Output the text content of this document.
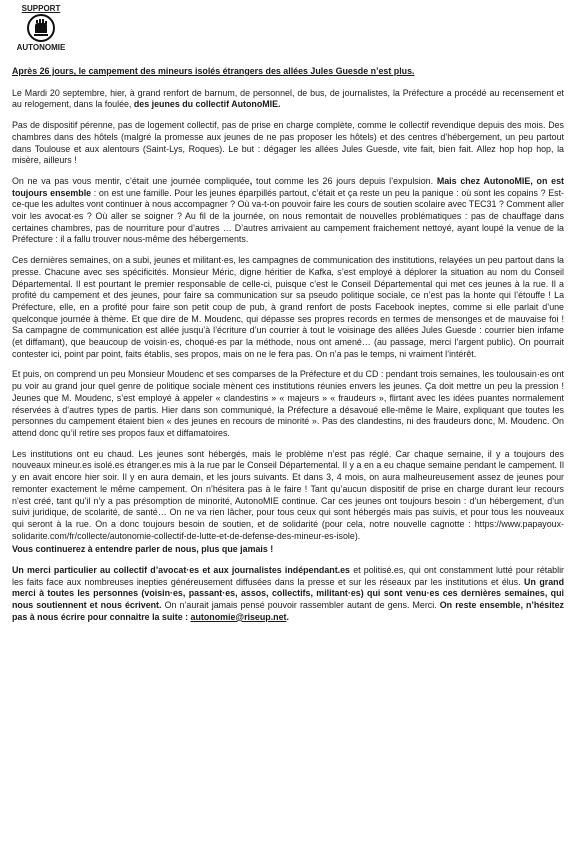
SUPPORT
AUTONOMIE

Après 26 jours, le campement des mineurs isolés étrangers des allées Jules Guesde n’est plus.

Le Mardi 20 septembre, hier, à grand renfort de barnum, de personnel, de bus, de journalistes, la Préfecture a procédé au recensement et au relogement, dans la foulée, des jeunes du collectif AutonoMIE.

Pas de dispositif pérenne, pas de logement collectif, pas de prise en charge complète, comme le collectif revendique depuis des mois. Des chambres dans des hôtels (malgré la promesse aux jeunes de ne pas proposer les hôtels) et des centres d’hébergement, un peu partout dans Toulouse et aux alentours (Saint-Lys, Roques). Le but : dégager les allées Jules Guesde, vite fait, bien fait. Allez hop hop hop, la misère, ailleurs !

On ne va pas vous mentir, c’était une journée compliquée, tout comme les 26 jours depuis l’expulsion. Mais chez AutonoMIE, on est toujours ensemble : on est une famille. Pour les jeunes éparpillés partout, c’était et ça reste un peu la panique : où sont les copains ? Est-ce-que les adultes vont continuer à nous accompagner ? Où va-t-on pouvoir faire les cours de soutien scolaire avec TEC31 ? Comment aller voir les avocat·es ? Où aller se soigner ? Au fil de la journée, on nous remontait de nouvelles problématiques : pas de chauffage dans certaines chambres, pas de nourriture pour d’autres … D’autres arrivaient au campement fraichement nettoyé, ayant loupé la venue de la Préfecture : il a fallu trouver nous-même des hébergements.

Ces dernières semaines, on a subi, jeunes et militant·es, les campagnes de communication des institutions, relayées un peu partout dans la presse. Chacune avec ses spécificités. Monsieur Méric, digne héritier de Kafka, s’est employé à déplorer la situation au nom du Conseil Départemental. Il est pourtant le premier responsable de celle-ci, puisque c’est le Conseil Départemental qui met ces jeunes à la rue. Il a profité du campement et des jeunes, pour faire sa communication sur sa pseudo politique sociale, ce n’est pas la honte qui l’étouffe ! La Préfecture, elle, en a profité pour faire son petit coup de pub, à grand renfort de posts Facebook ineptes, comme si elle parlait d’une quelconque journée à thème. Et que dire de M. Moudenc, qui dépasse ses propres records en termes de mensonges et de mauvaise foi ! Sa campagne de communication est allée jusqu’à l’écriture d’un courrier à tout le voisinage des allées Jules Guesde : courrier bien infame (et diffamant), que beaucoup de voisin·es, choqué·es par la méthode, nous ont amené… (au passage, merci l’argent public). On pourrait contester ici, point par point, faits établis, ses propos, mais on ne le fera pas. On n’a pas le temps, ni vraiment l’intérêt.

Et puis, on comprend un peu Monsieur Moudenc et ses comparses de la Préfecture et du CD : pendant trois semaines, les toulousain·es ont pu voir au grand jour quel genre de politique sociale mènent ces institutions réunies envers les jeunes. Ça doit mettre un peu la pression ! Jeunes que M. Moudenc, s’est employé à appeler « clandestins » « majeurs » « fraudeurs », flirtant avec les idées puantes normalement réservées à d’autres types de partis. Hier dans son communiqué, la Préfecture a désavoué elle-même le Maire, expliquant que toutes les personnes du campement étaient bien « des jeunes en recours de minorité ». Pas des clandestins, ni des fraudeurs donc, M. Moudenc. On attend donc qu’il retire ses propos faux et diffamatoires.

Les institutions ont eu chaud. Les jeunes sont hébergés, mais le problème n’est pas réglé. Car chaque semaine, il y a toujours des nouveaux mineur.es isolé.es étranger.es mis à la rue par le Conseil Départemental. Il y a en a eu chaque semaine pendant le campement. Il y en avait encore hier soir. Il y en aura demain, et les jours suivants. Et dans 3, 4 mois, on aura malheureusement assez de jeunes pour remonter exactement le même campement. On n’hésitera pas à le faire ! Tant qu’aucun dispositif de prise en charge durant leur recours n’est créé, tant qu’il n’y a pas présomption de minorité, AutonoMIE continue. Car ces jeunes ont toujours besoin : d’un hébergement, d’un suivi juridique, de scolarité, de santé… On ne va rien lâcher, pour tous ceux qui sont hébergés mais pas suivis, et pour tous les nouveaux qui seront à la rue. On a donc toujours besoin de soutien, et de solidarité (pour cela, notre nouvelle cagnotte : https://www.papayoux-solidarite.com/fr/collecte/autonomie-collectif-de-lutte-et-de-defense-des-mineur-es-isole).

Vous continuerez à entendre parler de nous, plus que jamais !

Un merci particulier au collectif d’avocat·es et aux journalistes indépendant.es et politisé.es, qui ont constamment lutté pour rétablir les faits face aux nombreuses inepties généreusement diffusées dans la presse et sur les réseaux par les institutions et élus. Un grand merci à toutes les personnes (voisin·es, passant·es, assos, collectifs, militant·es) qui sont venu·es ces dernières semaines, qui nous soutiennent et nous écrivent. On n’aurait jamais pensé pouvoir rassembler autant de gens. Merci. On reste ensemble, n’hésitez pas à nous écrire pour connaitre la suite : autonomie@riseup.net.
